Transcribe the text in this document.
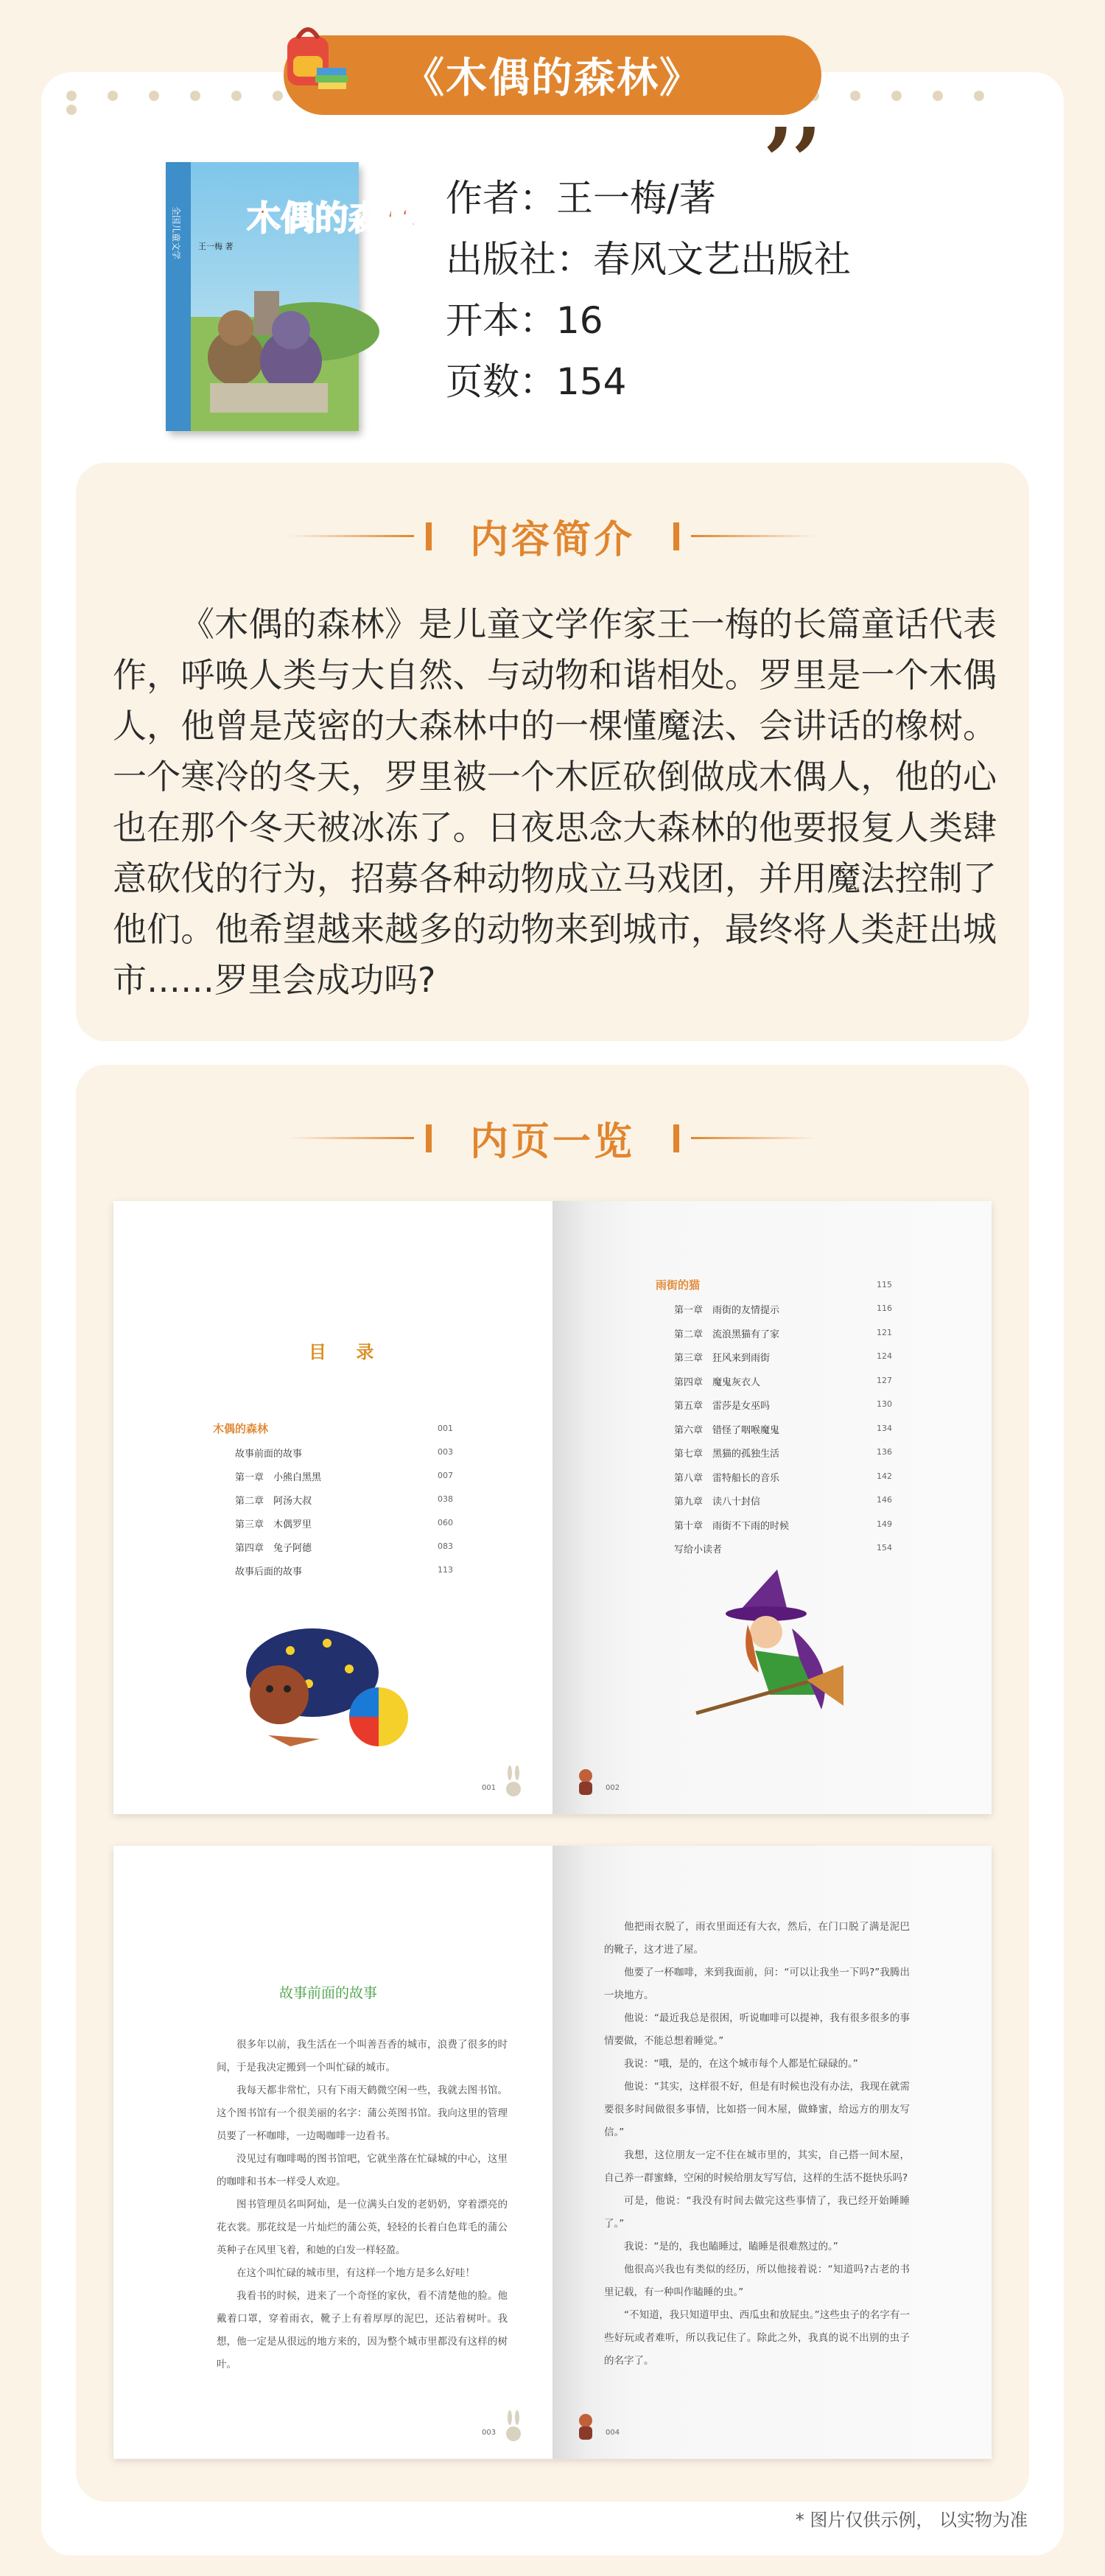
《木偶的森林》 ,,
木偶的森林
王一梅 著
全国儿童文学
作者：王一梅/著
出版社：春风文艺出版社
开本：16
页数：154
内容简介
《木偶的森林》是儿童文学作家王一梅的长篇童话代表作，呼唤人类与大自然、与动物和谐相处。罗里是一个木偶人，他曾是茂密的大森林中的一棵懂魔法、会讲话的橡树。一个寒冷的冬天，罗里被一个木匠砍倒做成木偶人，他的心也在那个冬天被冰冻了。日夜思念大森林的他要报复人类肆意砍伐的行为，招募各种动物成立马戏团，并用魔法控制了他们。他希望越来越多的动物来到城市，最终将人类赶出城市……罗里会成功吗?
内页一览
目 录
木偶的森林	001
故事前面的故事	003
第一章　小熊白黑黑	007
第二章　阿汤大叔	038
第三章　木偶罗里	060
第四章　兔子阿德	083
故事后面的故事	113
001
雨街的猫	115
第一章　雨街的友情提示	116
第二章　流浪黑猫有了家	121
第三章　狂风来到雨街	124
第四章　魔鬼灰衣人	127
第五章　雷莎是女巫吗	130
第六章　错怪了咽喉魔鬼	134
第七章　黑猫的孤独生活	136
第八章　雷特船长的音乐	142
第九章　读八十封信	146
第十章　雨街不下雨的时候	149
写给小读者	154
002
故事前面的故事
很多年以前，我生活在一个叫善吾香的城市，浪费了很多的时间，于是我决定搬到一个叫忙碌的城市。
我每天都非常忙，只有下雨天鹤微空闲一些，我就去图书馆。这个图书馆有一个很美丽的名字：蒲公英图书馆。我向这里的管理员要了一杯咖啡，一边喝咖啡一边看书。
没见过有咖啡喝的图书馆吧，它就坐落在忙碌城的中心，这里的咖啡和书本一样受人欢迎。
图书管理员名叫阿灿，是一位满头白发的老奶奶，穿着漂亮的花衣裳。那花纹是一片灿烂的蒲公英，轻轻的长着白色茸毛的蒲公英种子在风里飞着，和她的白发一样轻盈。
在这个叫忙碌的城市里，有这样一个地方是多么好哇！
我看书的时候，进来了一个奇怪的家伙，看不清楚他的脸。他戴着口罩，穿着雨衣，靴子上有着厚厚的泥巴，还沾着树叶。我想，他一定是从很远的地方来的，因为整个城市里都没有这样的树叶。
003
他把雨衣脱了，雨衣里面还有大衣，然后，在门口脱了满是泥巴的靴子，这才进了屋。
他要了一杯咖啡，来到我面前，问：“可以让我坐一下吗?”我腾出一块地方。
他说：“最近我总是很困，听说咖啡可以提神，我有很多很多的事情要做，不能总想着睡觉。”
我说：“哦，是的，在这个城市每个人都是忙碌碌的。”
他说：“其实，这样很不好，但是有时候也没有办法，我现在就需要很多时间做很多事情，比如搭一间木屋，做蜂蜜，给远方的朋友写信。”
我想，这位朋友一定不住在城市里的，其实，自己搭一间木屋，自己养一群蜜蜂，空闲的时候给朋友写写信，这样的生活不挺快乐吗?
可是，他说：“我没有时间去做完这些事情了，我已经开始睡睡了。”
我说：“是的，我也瞌睡过，瞌睡是很难熬过的。”
他很高兴我也有类似的经历，所以他接着说：“知道吗?古老的书里记载，有一种叫作瞌睡的虫。”
“不知道，我只知道甲虫、西瓜虫和放屁虫。”这些虫子的名字有一些好玩或者难听，所以我记住了。除此之外，我真的说不出别的虫子的名字了。
004
* 图片仅供示例， 以实物为准
